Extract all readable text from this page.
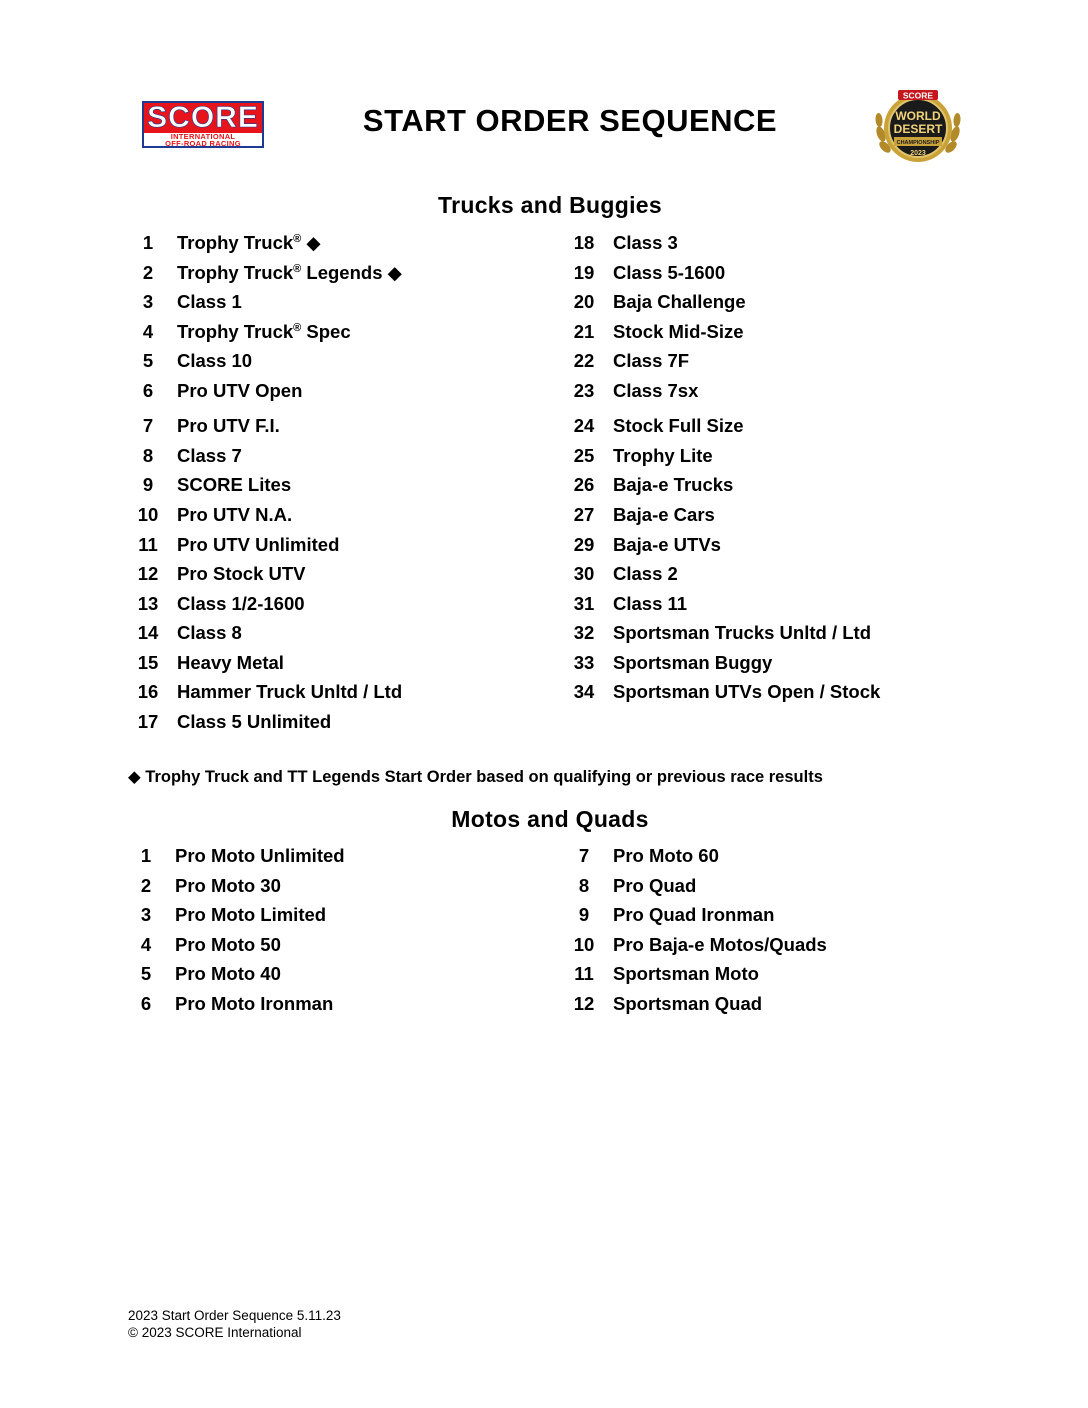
SCORE
INTERNATIONAL
OFF-ROAD RACING
START ORDER SEQUENCE
SCORE
WORLD
DESERT
CHAMPIONSHIP
2023
Trucks and Buggies
1	Trophy Truck® ◆
2	Trophy Truck® Legends ◆
3	Class 1
4	Trophy Truck® Spec
5	Class 10
6	Pro UTV Open
7	Pro UTV F.I.
8	Class 7
9	SCORE Lites
10 Pro UTV N.A.
11 Pro UTV Unlimited
12 Pro Stock UTV
13 Class 1/2-1600
14 Class 8
15 Heavy Metal
16 Hammer Truck Unltd / Ltd
17 Class 5 Unlimited
18 Class 3
19 Class 5-1600
20 Baja Challenge
21 Stock Mid-Size
22 Class 7F
23 Class 7sx
24 Stock Full Size
25 Trophy Lite
26 Baja-e Trucks
27 Baja-e Cars
29 Baja-e UTVs
30 Class 2
31 Class 11
32 Sportsman Trucks Unltd / Ltd
33 Sportsman Buggy
34 Sportsman UTVs Open / Stock
◆ Trophy Truck and TT Legends Start Order based on qualifying or previous race results
Motos and Quads
1	Pro Moto Unlimited
2	Pro Moto 30
3	Pro Moto Limited
4	Pro Moto 50
5	Pro Moto 40
6	Pro Moto Ironman
7	Pro Moto 60
8	Pro Quad
9	Pro Quad Ironman
10 Pro Baja-e Motos/Quads
11 Sportsman Moto
12 Sportsman Quad
2023 Start Order Sequence 5.11.23
© 2023 SCORE International
